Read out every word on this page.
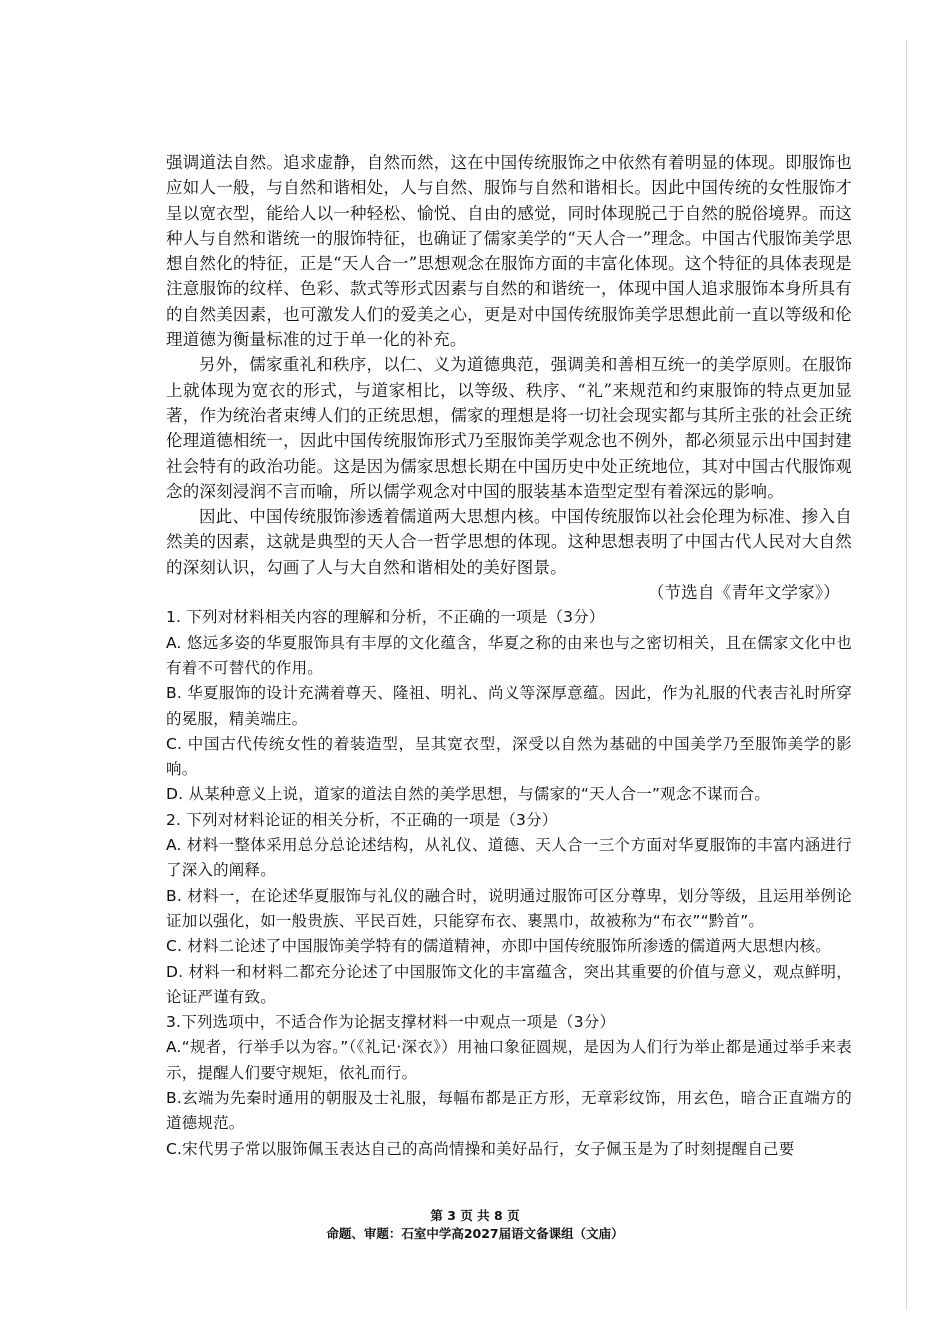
强调道法自然。追求虚静，自然而然，这在中国传统服饰之中依然有着明显的体现。即服饰也应如人一般，与自然和谐相处，人与自然、服饰与自然和谐相长。因此中国传统的女性服饰才呈以宽衣型，能给人以一种轻松、愉悦、自由的感觉，同时体现脱己于自然的脱俗境界。而这种人与自然和谐统一的服饰特征，也确证了儒家美学的“天人合一”理念。中国古代服饰美学思想自然化的特征，正是“天人合一”思想观念在服饰方面的丰富化体现。这个特征的具体表现是注意服饰的纹样、色彩、款式等形式因素与自然的和谐统一，体现中国人追求服饰本身所具有的自然美因素，也可激发人们的爱美之心，更是对中国传统服饰美学思想此前一直以等级和伦理道德为衡量标准的过于单一化的补充。

另外，儒家重礼和秩序，以仁、义为道德典范，强调美和善相互统一的美学原则。在服饰上就体现为宽衣的形式，与道家相比，以等级、秩序、“礼”来规范和约束服饰的特点更加显著，作为统治者束缚人们的正统思想，儒家的理想是将一切社会现实都与其所主张的社会正统伦理道德相统一，因此中国传统服饰形式乃至服饰美学观念也不例外，都必须显示出中国封建社会特有的政治功能。这是因为儒家思想长期在中国历史中处正统地位，其对中国古代服饰观念的深刻浸润不言而喻，所以儒学观念对中国的服装基本造型定型有着深远的影响。

因此、中国传统服饰渗透着儒道两大思想内核。中国传统服饰以社会伦理为标准、掺入自然美的因素，这就是典型的天人合一哲学思想的体现。这种思想表明了中国古代人民对大自然的深刻认识，勾画了人与大自然和谐相处的美好图景。

（节选自《青年文学家》）

1. 下列对材料相关内容的理解和分析，不正确的一项是（3分）

A. 悠远多姿的华夏服饰具有丰厚的文化蕴含，华夏之称的由来也与之密切相关，且在儒家文化中也有着不可替代的作用。

B. 华夏服饰的设计充满着尊天、隆祖、明礼、尚义等深厚意蕴。因此，作为礼服的代表吉礼时所穿的冕服，精美端庄。

C. 中国古代传统女性的着装造型，呈其宽衣型，深受以自然为基础的中国美学乃至服饰美学的影响。

D. 从某种意义上说，道家的道法自然的美学思想，与儒家的“天人合一”观念不谋而合。

2. 下列对材料论证的相关分析，不正确的一项是（3分）

A. 材料一整体采用总分总论述结构，从礼仪、道德、天人合一三个方面对华夏服饰的丰富内涵进行了深入的阐释。

B. 材料一，在论述华夏服饰与礼仪的融合时，说明通过服饰可区分尊卑，划分等级，且运用举例论证加以强化，如一般贵族、平民百姓，只能穿布衣、裹黑巾，故被称为“布衣”“黔首”。

C. 材料二论述了中国服饰美学特有的儒道精神，亦即中国传统服饰所渗透的儒道两大思想内核。

D. 材料一和材料二都充分论述了中国服饰文化的丰富蕴含，突出其重要的价值与意义，观点鲜明，论证严谨有致。

3.下列选项中，不适合作为论据支撑材料一中观点一项是（3分）

A.“规者，行举手以为容。”（《礼记·深衣》）用袖口象征圆规，是因为人们行为举止都是通过举手来表示，提醒人们要守规矩，依礼而行。

B.玄端为先秦时通用的朝服及士礼服，每幅布都是正方形，无章彩纹饰，用玄色，暗合正直端方的道德规范。

C.宋代男子常以服饰佩玉表达自己的高尚情操和美好品行，女子佩玉是为了时刻提醒自己要

第 3 页 共 8 页
命题、审题：石室中学高2027届语文备课组（文庙）
